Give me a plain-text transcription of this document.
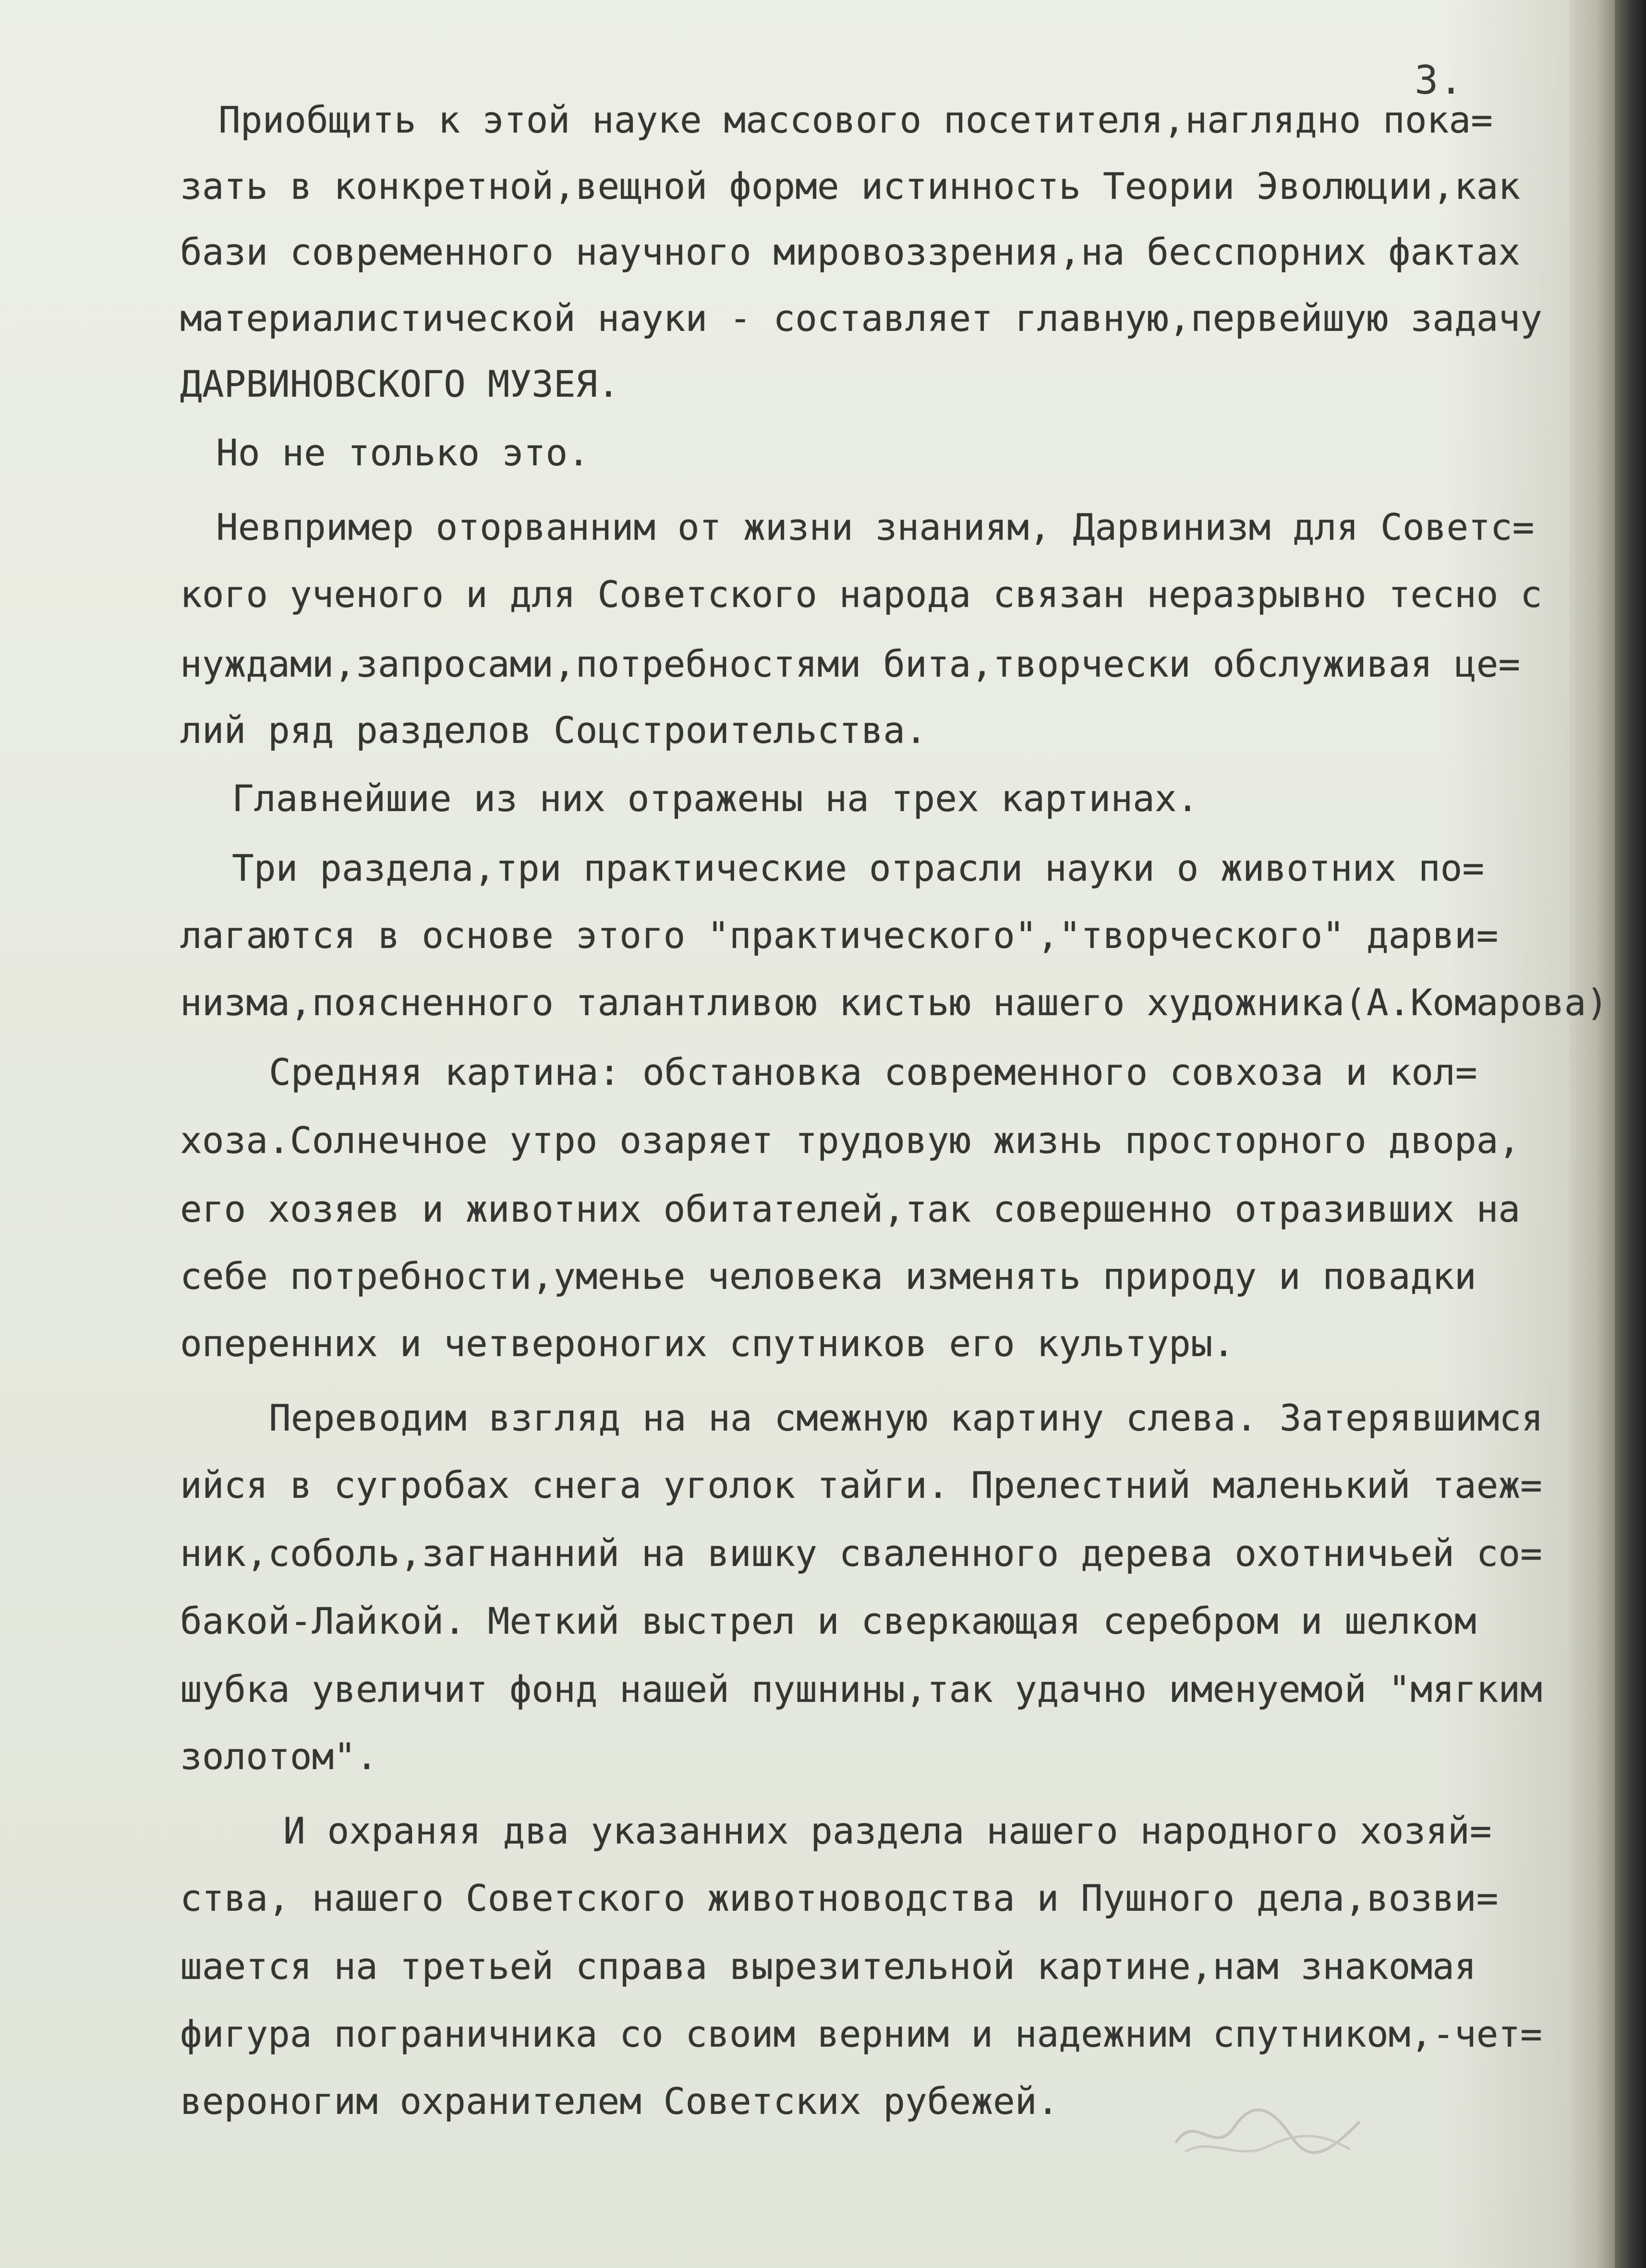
3.
Приобщить к этой науке массового посетителя,наглядно пока=
зать в конкретной,вещной форме истинность Теории Эволюции,как
бази современного научного мировоззрения,на бесспорних фактах
материалистической науки - составляет главную,первейшую задачу
ДАРВИНОВСКОГО МУЗЕЯ.
Но не только это.
Невпример оторванним от жизни знаниям, Дарвинизм для Советс=
кого ученого и для Советского народа связан неразрывно тесно с
нуждами,запросами,потребностями бита,творчески обслуживая це=
лий ряд разделов Соцстроительства.
Главнейшие из них отражены на трех картинах.
Три раздела,три практические отрасли науки о животних по=
лагаются в основе этого "практического","творческого" дарви=
низма,поясненного талантливою кистью нашего художника(А.Комарова)
Средняя картина: обстановка современного совхоза и кол=
хоза.Солнечное утро озаряет трудовую жизнь просторного двора,
его хозяев и животних обитателей,так совершенно отразивших на
себе потребности,уменье человека изменять природу и повадки
оперенних и четвероногих спутников его культуры.
Переводим взгляд на на смежную картину слева. Затерявшимся
ийся в сугробах снега уголок тайги. Прелестний маленький таеж=
ник,соболь,загнанний на вишку сваленного дерева охотничьей со=
бакой-Лайкой. Меткий выстрел и сверкающая серебром и шелком
шубка увеличит фонд нашей пушнины,так удачно именуемой "мягким
золотом".
И охраняя два указанних раздела нашего народного хозяй=
ства, нашего Советского животноводства и Пушного дела,возви=
шается на третьей справа вырезительной картине,нам знакомая
фигура пограничника со своим верним и надежним спутником,-чет=
вероногим охранителем Советских рубежей.
